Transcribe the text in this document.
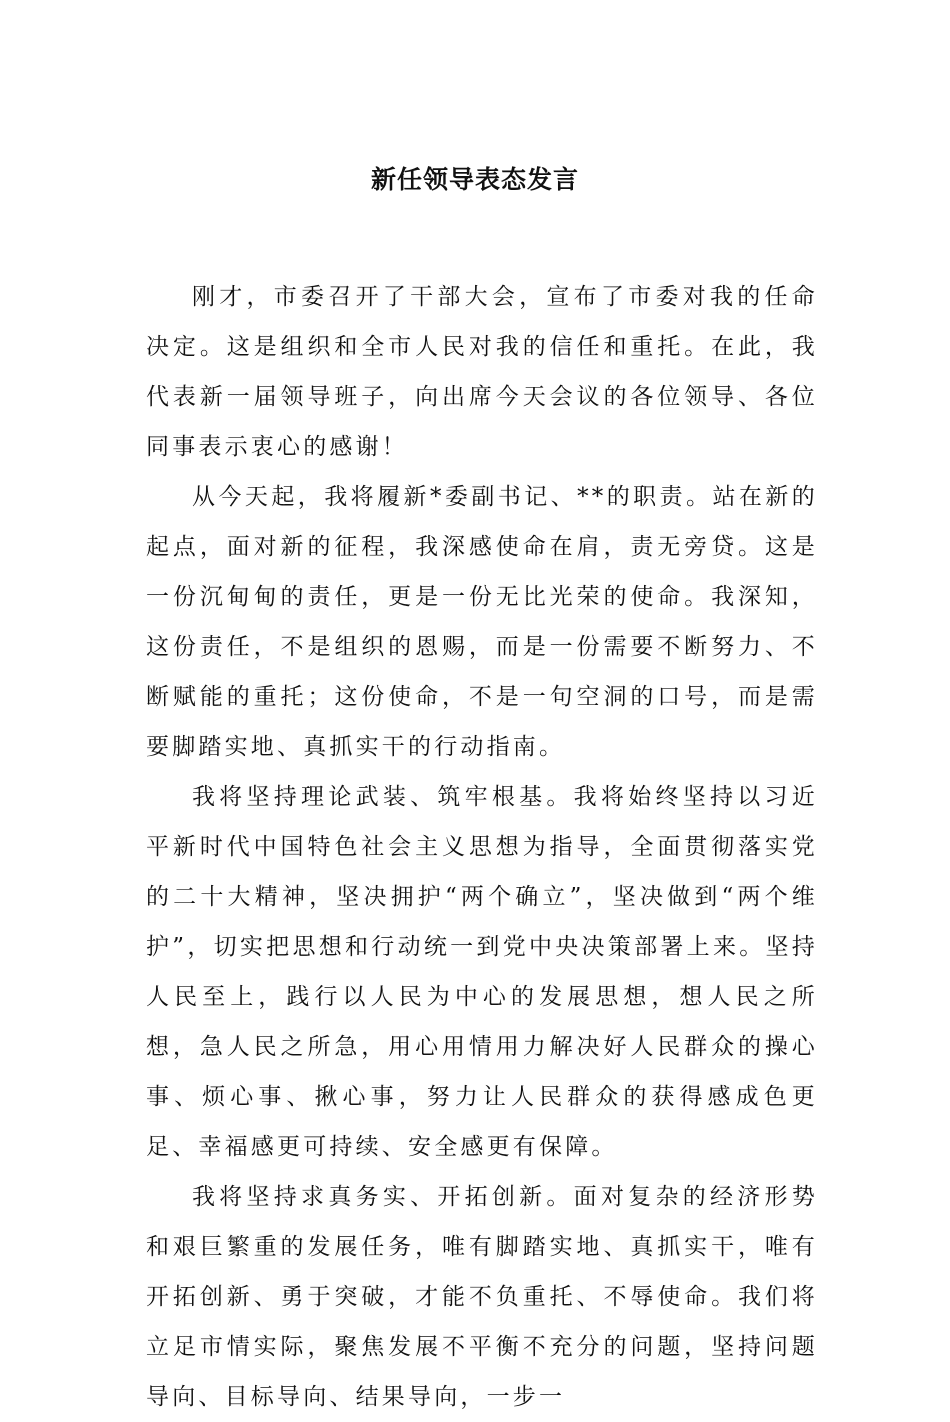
新任领导表态发言

刚才，市委召开了干部大会，宣布了市委对我的任命决定。这是组织和全市人民对我的信任和重托。在此，我代表新一届领导班子，向出席今天会议的各位领导、各位同事表示衷心的感谢！

从今天起，我将履新*委副书记、**的职责。站在新的起点，面对新的征程，我深感使命在肩，责无旁贷。这是一份沉甸甸的责任，更是一份无比光荣的使命。我深知，这份责任，不是组织的恩赐，而是一份需要不断努力、不断赋能的重托；这份使命，不是一句空洞的口号，而是需要脚踏实地、真抓实干的行动指南。

我将坚持理论武装、筑牢根基。我将始终坚持以习近平新时代中国特色社会主义思想为指导，全面贯彻落实党的二十大精神，坚决拥护“两个确立”，坚决做到“两个维护”，切实把思想和行动统一到党中央决策部署上来。坚持人民至上，践行以人民为中心的发展思想，想人民之所想，急人民之所急，用心用情用力解决好人民群众的操心事、烦心事、揪心事，努力让人民群众的获得感成色更足、幸福感更可持续、安全感更有保障。

我将坚持求真务实、开拓创新。面对复杂的经济形势和艰巨繁重的发展任务，唯有脚踏实地、真抓实干，唯有开拓创新、勇于突破，才能不负重托、不辱使命。我们将立足市情实际，聚焦发展不平衡不充分的问题，坚持问题导向、目标导向、结果导向，一步一
